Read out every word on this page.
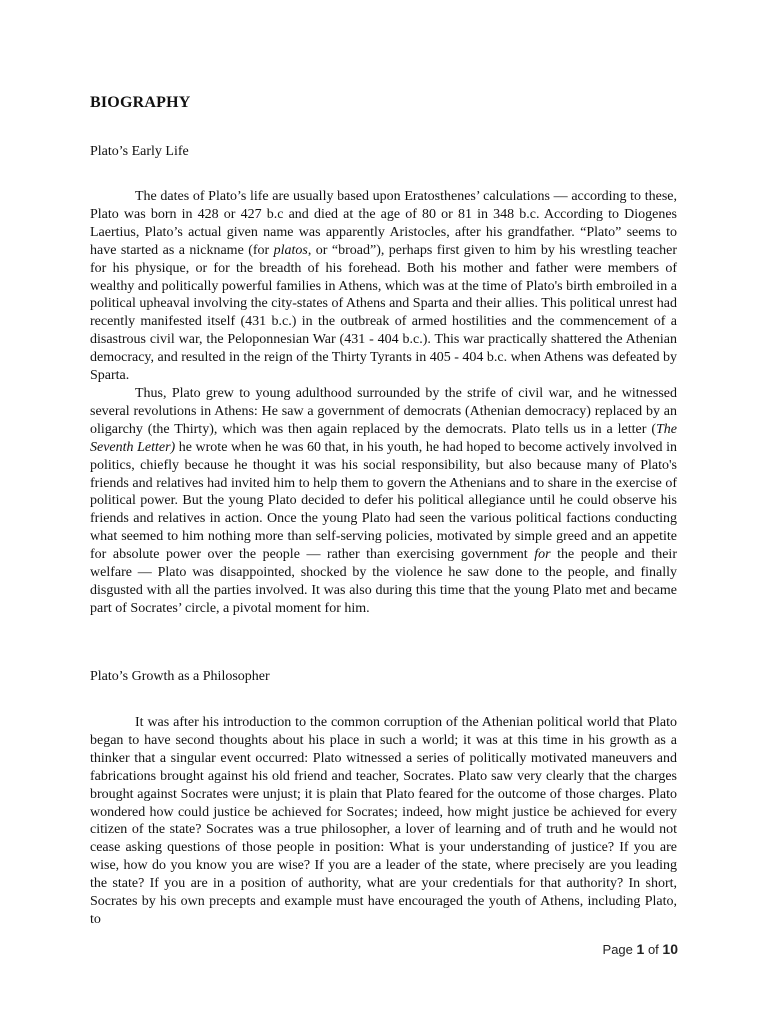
BIOGRAPHY
Plato’s Early Life

The dates of Plato’s life are usually based upon Eratosthenes’ calculations — according to these, Plato was born in 428 or 427 b.c and died at the age of 80 or 81 in 348 b.c. According to Diogenes Laertius, Plato’s actual given name was apparently Aristocles, after his grandfather. “Plato” seems to have started as a nickname (for platos, or “broad”), perhaps first given to him by his wrestling teacher for his physique, or for the breadth of his forehead. Both his mother and father were members of wealthy and politically powerful families in Athens, which was at the time of Plato's birth embroiled in a political upheaval involving the city-states of Athens and Sparta and their allies. This political unrest had recently manifested itself (431 b.c.) in the outbreak of armed hostilities and the commencement of a disastrous civil war, the Peloponnesian War (431 - 404 b.c.). This war practically shattered the Athenian democracy, and resulted in the reign of the Thirty Tyrants in 405 - 404 b.c. when Athens was defeated by Sparta.

Thus, Plato grew to young adulthood surrounded by the strife of civil war, and he witnessed several revolutions in Athens: He saw a government of democrats (Athenian democracy) replaced by an oligarchy (the Thirty), which was then again replaced by the democrats. Plato tells us in a letter (The Seventh Letter) he wrote when he was 60 that, in his youth, he had hoped to become actively involved in politics, chiefly because he thought it was his social responsibility, but also because many of Plato's friends and relatives had invited him to help them to govern the Athenians and to share in the exercise of political power. But the young Plato decided to defer his political allegiance until he could observe his friends and relatives in action. Once the young Plato had seen the various political factions conducting what seemed to him nothing more than self-serving policies, motivated by simple greed and an appetite for absolute power over the people — rather than exercising government for the people and their welfare — Plato was disappointed, shocked by the violence he saw done to the people, and finally disgusted with all the parties involved. It was also during this time that the young Plato met and became part of Socrates’ circle, a pivotal moment for him.

Plato’s Growth as a Philosopher

It was after his introduction to the common corruption of the Athenian political world that Plato began to have second thoughts about his place in such a world; it was at this time in his growth as a thinker that a singular event occurred: Plato witnessed a series of politically motivated maneuvers and fabrications brought against his old friend and teacher, Socrates. Plato saw very clearly that the charges brought against Socrates were unjust; it is plain that Plato feared for the outcome of those charges. Plato wondered how could justice be achieved for Socrates; indeed, how might justice be achieved for every citizen of the state? Socrates was a true philosopher, a lover of learning and of truth and he would not cease asking questions of those people in position: What is your understanding of justice? If you are wise, how do you know you are wise? If you are a leader of the state, where precisely are you leading the state? If you are in a position of authority, what are your credentials for that authority? In short, Socrates by his own precepts and example must have encouraged the youth of Athens, including Plato, to

Page 1 of 10
